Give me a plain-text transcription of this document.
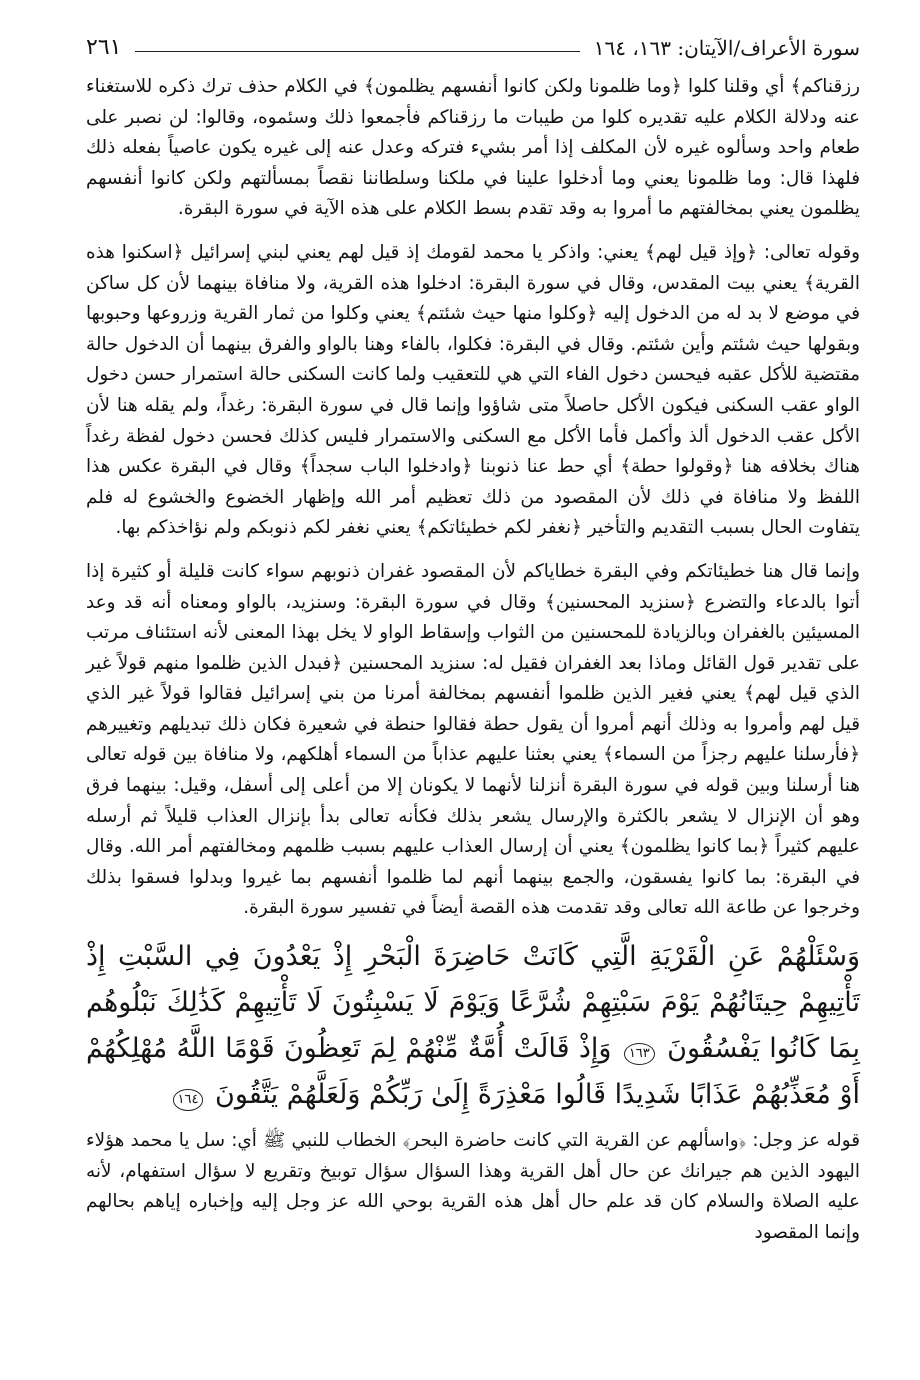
سورة الأعراف/الآيتان: ١٦٣، ١٦٤
٢٦١

رزقناكم﴾ أي وقلنا كلوا ﴿وما ظلمونا ولكن كانوا أنفسهم يظلمون﴾ في الكلام حذف ترك ذكره للاستغناء عنه ودلالة الكلام عليه تقديره كلوا من طيبات ما رزقناكم فأجمعوا ذلك وسئموه، وقالوا: لن نصبر على طعام واحد وسألوه غيره لأن المكلف إذا أمر بشيء فتركه وعدل عنه إلى غيره يكون عاصياً بفعله ذلك فلهذا قال: وما ظلمونا يعني وما أدخلوا علينا في ملكنا وسلطاننا نقصاً بمسألتهم ولكن كانوا أنفسهم يظلمون يعني بمخالفتهم ما أمروا به وقد تقدم بسط الكلام على هذه الآية في سورة البقرة.

وقوله تعالى: ﴿وإذ قيل لهم﴾ يعني: واذكر يا محمد لقومك إذ قيل لهم يعني لبني إسرائيل ﴿اسكنوا هذه القرية﴾ يعني بيت المقدس، وقال في سورة البقرة: ادخلوا هذه القرية، ولا منافاة بينهما لأن كل ساكن في موضع لا بد له من الدخول إليه ﴿وكلوا منها حيث شئتم﴾ يعني وكلوا من ثمار القرية وزروعها وحبوبها وبقولها حيث شئتم وأين شئتم. وقال في البقرة: فكلوا، بالفاء وهنا بالواو والفرق بينهما أن الدخول حالة مقتضية للأكل عقبه فيحسن دخول الفاء التي هي للتعقيب ولما كانت السكنى حالة استمرار حسن دخول الواو عقب السكنى فيكون الأكل حاصلاً متى شاؤوا وإنما قال في سورة البقرة: رغداً، ولم يقله هنا لأن الأكل عقب الدخول ألذ وأكمل فأما الأكل مع السكنى والاستمرار فليس كذلك فحسن دخول لفظة رغداً هناك بخلافه هنا ﴿وقولوا حطة﴾ أي حط عنا ذنوبنا ﴿وادخلوا الباب سجداً﴾ وقال في البقرة عكس هذا اللفظ ولا منافاة في ذلك لأن المقصود من ذلك تعظيم أمر الله وإظهار الخضوع والخشوع له فلم يتفاوت الحال بسبب التقديم والتأخير ﴿نغفر لكم خطيئاتكم﴾ يعني نغفر لكم ذنوبكم ولم نؤاخذكم بها.

وإنما قال هنا خطيئاتكم وفي البقرة خطاياكم لأن المقصود غفران ذنوبهم سواء كانت قليلة أو كثيرة إذا أتوا بالدعاء والتضرع ﴿سنزيد المحسنين﴾ وقال في سورة البقرة: وسنزيد، بالواو ومعناه أنه قد وعد المسيئين بالغفران وبالزيادة للمحسنين من الثواب وإسقاط الواو لا يخل بهذا المعنى لأنه استئناف مرتب على تقدير قول القائل وماذا بعد الغفران فقيل له: سنزيد المحسنين ﴿فبدل الذين ظلموا منهم قولاً غير الذي قيل لهم﴾ يعني فغير الذين ظلموا أنفسهم بمخالفة أمرنا من بني إسرائيل فقالوا قولاً غير الذي قيل لهم وأمروا به وذلك أنهم أمروا أن يقول حطة فقالوا حنطة في شعيرة فكان ذلك تبديلهم وتغييرهم ﴿فأرسلنا عليهم رجزاً من السماء﴾ يعني بعثنا عليهم عذاباً من السماء أهلكهم، ولا منافاة بين قوله تعالى هنا أرسلنا وبين قوله في سورة البقرة أنزلنا لأنهما لا يكونان إلا من أعلى إلى أسفل، وقيل: بينهما فرق وهو أن الإنزال لا يشعر بالكثرة والإرسال يشعر بذلك فكأنه تعالى بدأ بإنزال العذاب قليلاً ثم أرسله عليهم كثيراً ﴿بما كانوا يظلمون﴾ يعني أن إرسال العذاب عليهم بسبب ظلمهم ومخالفتهم أمر الله. وقال في البقرة: بما كانوا يفسقون، والجمع بينهما أنهم لما ظلموا أنفسهم بما غيروا وبدلوا فسقوا بذلك وخرجوا عن طاعة الله تعالى وقد تقدمت هذه القصة أيضاً في تفسير سورة البقرة.

وَسْئَلْهُمْ عَنِ الْقَرْيَةِ الَّتِي كَانَتْ حَاضِرَةَ الْبَحْرِ إِذْ يَعْدُونَ فِي السَّبْتِ إِذْ تَأْتِيهِمْ حِيتَانُهُمْ يَوْمَ سَبْتِهِمْ شُرَّعًا وَيَوْمَ لَا يَسْبِتُونَ لَا تَأْتِيهِمْ كَذَٰلِكَ نَبْلُوهُم بِمَا كَانُوا يَفْسُقُونَ ١٦٣ وَإِذْ قَالَتْ أُمَّةٌ مِّنْهُمْ لِمَ تَعِظُونَ قَوْمًا اللَّهُ مُهْلِكُهُمْ أَوْ مُعَذِّبُهُمْ عَذَابًا شَدِيدًا قَالُوا مَعْذِرَةً إِلَىٰ رَبِّكُمْ وَلَعَلَّهُمْ يَتَّقُونَ ١٦٤

قوله عز وجل: ﴿واسألهم عن القرية التي كانت حاضرة البحر﴾ الخطاب للنبي ﷺ أي: سل يا محمد هؤلاء اليهود الذين هم جيرانك عن حال أهل القرية وهذا السؤال سؤال توبيخ وتقريع لا سؤال استفهام، لأنه عليه الصلاة والسلام كان قد علم حال أهل هذه القرية بوحي الله عز وجل إليه وإخباره إياهم بحالهم وإنما المقصود
